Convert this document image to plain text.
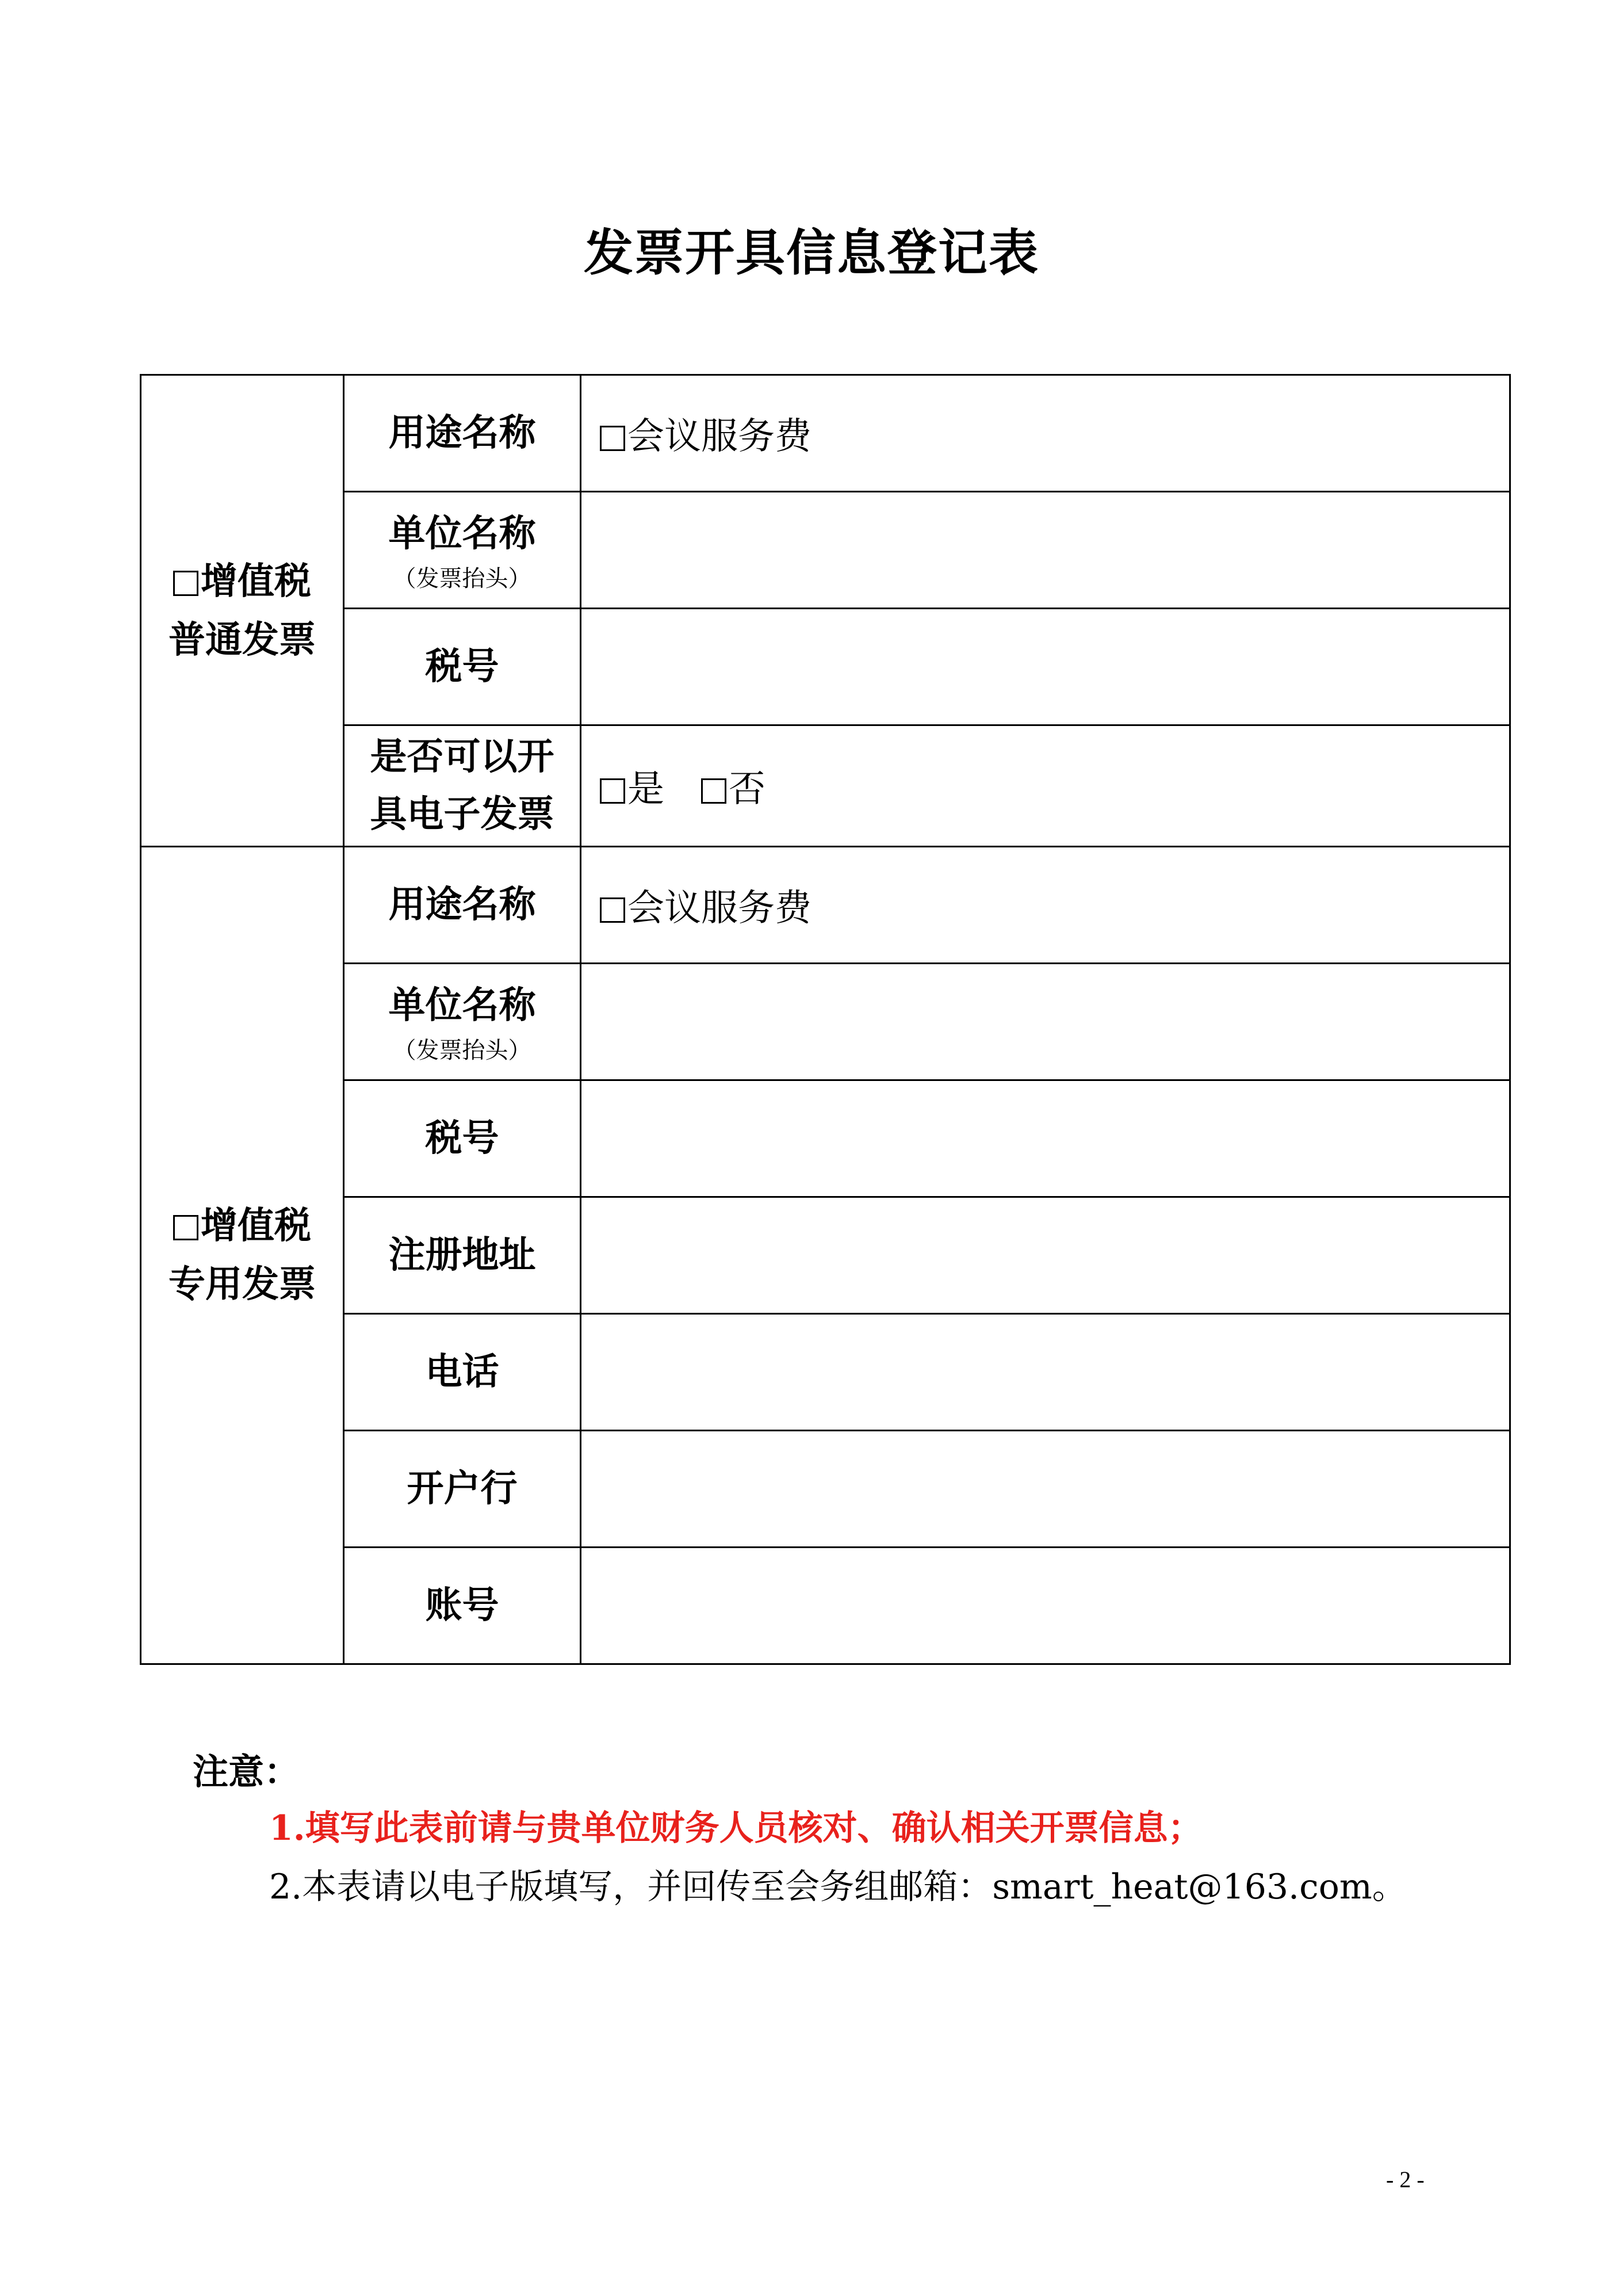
发票开具信息登记表
增值税
普通发票	用途名称	会议服务费
	单位名称
（发票抬头）	

	税号	
	是否可以开
具电子发票	是 否
增值税
专用发票	用途名称	会议服务费
	单位名称
（发票抬头）	

	税号	
	注册地址	
	电话	
	开户行	
	账号	
注意：
1.填写此表前请与贵单位财务人员核对、确认相关开票信息；
2.本表请以电子版填写，并回传至会务组邮箱：smart_heat@163.com。
- 2 -
